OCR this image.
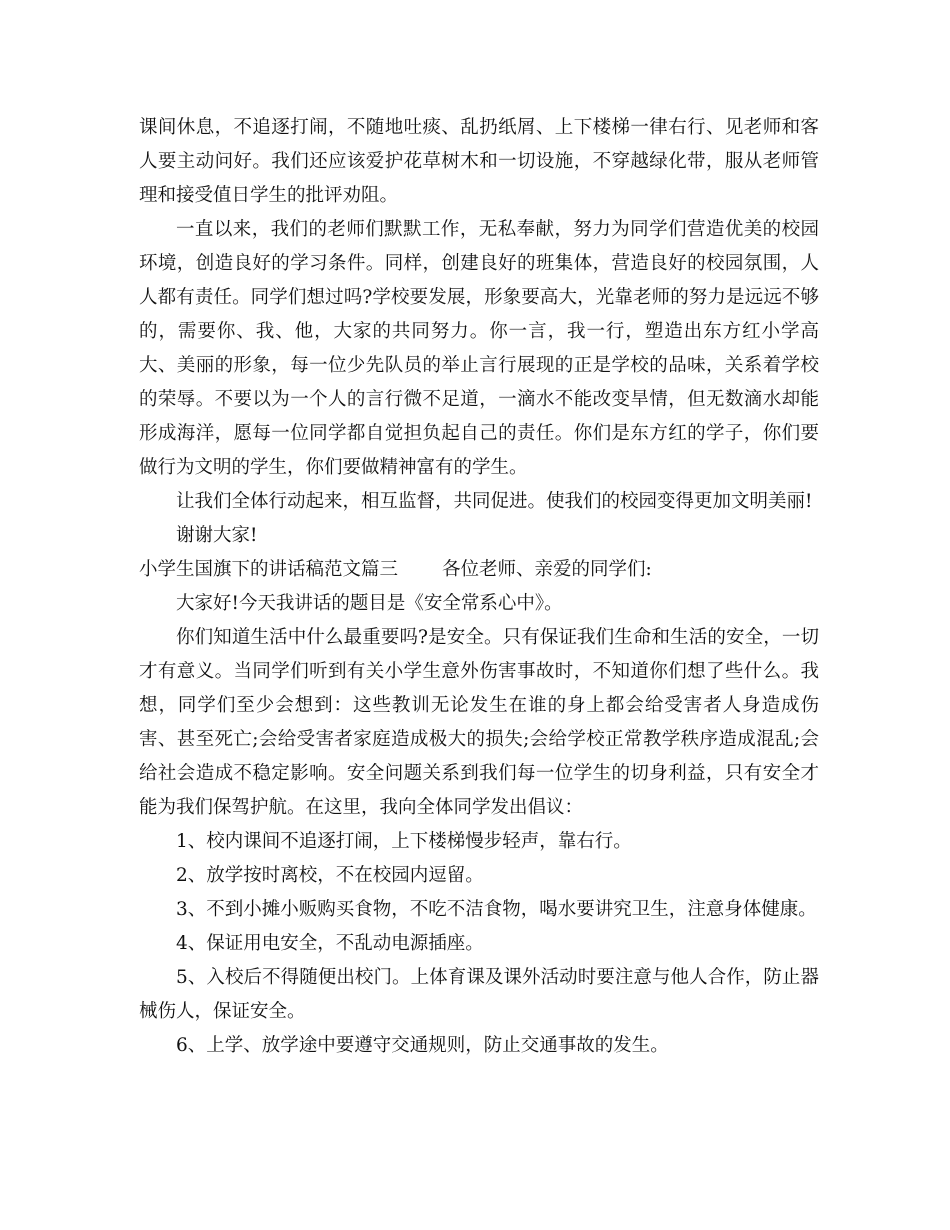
课间休息，不追逐打闹，不随地吐痰、乱扔纸屑、上下楼梯一律右行、见老师和客人要主动问好。我们还应该爱护花草树木和一切设施，不穿越绿化带，服从老师管理和接受值日学生的批评劝阻。

一直以来，我们的老师们默默工作，无私奉献，努力为同学们营造优美的校园环境，创造良好的学习条件。同样，创建良好的班集体，营造良好的校园氛围，人人都有责任。同学们想过吗?学校要发展，形象要高大，光靠老师的努力是远远不够的，需要你、我、他，大家的共同努力。你一言，我一行，塑造出东方红小学高大、美丽的形象，每一位少先队员的举止言行展现的正是学校的品味，关系着学校的荣辱。不要以为一个人的言行微不足道，一滴水不能改变旱情，但无数滴水却能形成海洋，愿每一位同学都自觉担负起自己的责任。你们是东方红的学子，你们要做行为文明的学生，你们要做精神富有的学生。

让我们全体行动起来，相互监督，共同促进。使我们的校园变得更加文明美丽!

谢谢大家!

小学生国旗下的讲话稿范文篇三 各位老师、亲爱的同学们:

大家好!今天我讲话的题目是《安全常系心中》。

你们知道生活中什么最重要吗?是安全。只有保证我们生命和生活的安全，一切才有意义。当同学们听到有关小学生意外伤害事故时，不知道你们想了些什么。我想，同学们至少会想到：这些教训无论发生在谁的身上都会给受害者人身造成伤害、甚至死亡;会给受害者家庭造成极大的损失;会给学校正常教学秩序造成混乱;会给社会造成不稳定影响。安全问题关系到我们每一位学生的切身利益，只有安全才能为我们保驾护航。在这里，我向全体同学发出倡议：

1、校内课间不追逐打闹，上下楼梯慢步轻声，靠右行。

2、放学按时离校，不在校园内逗留。

3、不到小摊小贩购买食物，不吃不洁食物，喝水要讲究卫生，注意身体健康。

4、保证用电安全，不乱动电源插座。

5、入校后不得随便出校门。上体育课及课外活动时要注意与他人合作，防止器械伤人，保证安全。

6、上学、放学途中要遵守交通规则，防止交通事故的发生。
